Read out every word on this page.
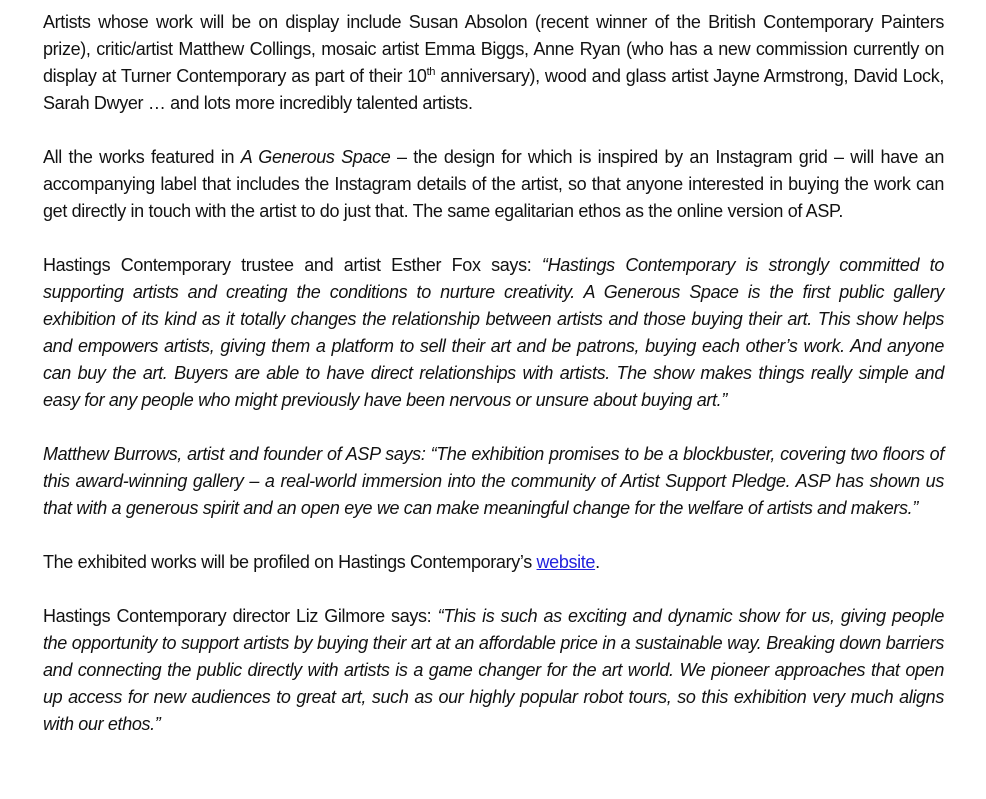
Artists whose work will be on display include Susan Absolon (recent winner of the British Contemporary Painters prize), critic/artist Matthew Collings, mosaic artist Emma Biggs, Anne Ryan (who has a new commission currently on display at Turner Contemporary as part of their 10th anniversary), wood and glass artist Jayne Armstrong, David Lock, Sarah Dwyer … and lots more incredibly talented artists.

All the works featured in A Generous Space – the design for which is inspired by an Instagram grid – will have an accompanying label that includes the Instagram details of the artist, so that anyone interested in buying the work can get directly in touch with the artist to do just that. The same egalitarian ethos as the online version of ASP.

Hastings Contemporary trustee and artist Esther Fox says: “Hastings Contemporary is strongly committed to supporting artists and creating the conditions to nurture creativity. A Generous Space is the first public gallery exhibition of its kind as it totally changes the relationship between artists and those buying their art. This show helps and empowers artists, giving them a platform to sell their art and be patrons, buying each other’s work. And anyone can buy the art. Buyers are able to have direct relationships with artists. The show makes things really simple and easy for any people who might previously have been nervous or unsure about buying art.”

Matthew Burrows, artist and founder of ASP says: “The exhibition promises to be a blockbuster, covering two floors of this award-winning gallery – a real-world immersion into the community of Artist Support Pledge. ASP has shown us that with a generous spirit and an open eye we can make meaningful change for the welfare of artists and makers.”

The exhibited works will be profiled on Hastings Contemporary’s website.

Hastings Contemporary director Liz Gilmore says: “This is such as exciting and dynamic show for us, giving people the opportunity to support artists by buying their art at an affordable price in a sustainable way. Breaking down barriers and connecting the public directly with artists is a game changer for the art world. We pioneer approaches that open up access for new audiences to great art, such as our highly popular robot tours, so this exhibition very much aligns with our ethos.”
